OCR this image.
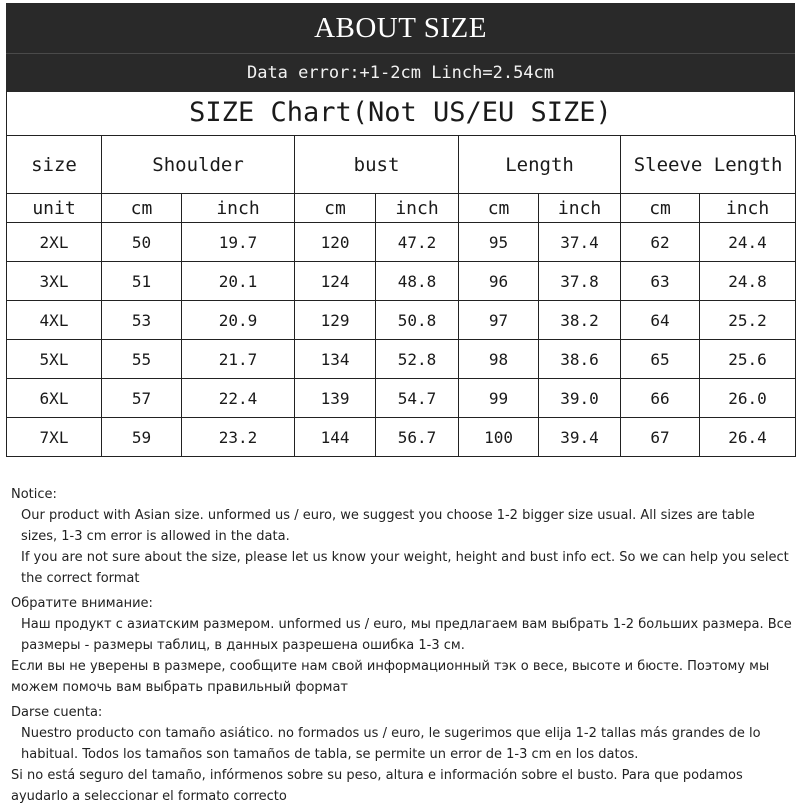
ABOUT SIZE
Data error:+1-2cm Linch=2.54cm
SIZE Chart(Not US/EU SIZE)
size	Shoulder		bust		Length		Sleeve Length	
unit	cm	inch	cm	inch	cm	inch	cm	inch
2XL	50	19.7	120	47.2	95	37.4	62	24.4
3XL	51	20.1	124	48.8	96	37.8	63	24.8
4XL	53	20.9	129	50.8	97	38.2	64	25.2
5XL	55	21.7	134	52.8	98	38.6	65	25.6
6XL	57	22.4	139	54.7	99	39.0	66	26.0
7XL	59	23.2	144	56.7	100	39.4	67	26.4

Notice:

Our product with Asian size. unformed us / euro, we suggest you choose 1-2 bigger size usual. All sizes are table sizes, 1-3 cm error is allowed in the data.

If you are not sure about the size, please let us know your weight, height and bust info ect. So we can help you select the correct format

Обратите внимание:

Наш продукт с азиатским размером. unformed us / euro, мы предлагаем вам выбрать 1-2 больших размера. Все размеры - размеры таблиц, в данных разрешена ошибка 1-3 см.

Если вы не уверены в размере, сообщите нам свой информационный тэк о весе, высоте и бюсте. Поэтому мы можем помочь вам выбрать правильный формат

Darse cuenta:

Nuestro producto con tamaño asiático. no formados us / euro, le sugerimos que elija 1-2 tallas más grandes de lo habitual. Todos los tamaños son tamaños de tabla, se permite un error de 1-3 cm en los datos.

Si no está seguro del tamaño, infórmenos sobre su peso, altura e información sobre el busto. Para que podamos ayudarlo a seleccionar el formato correcto
